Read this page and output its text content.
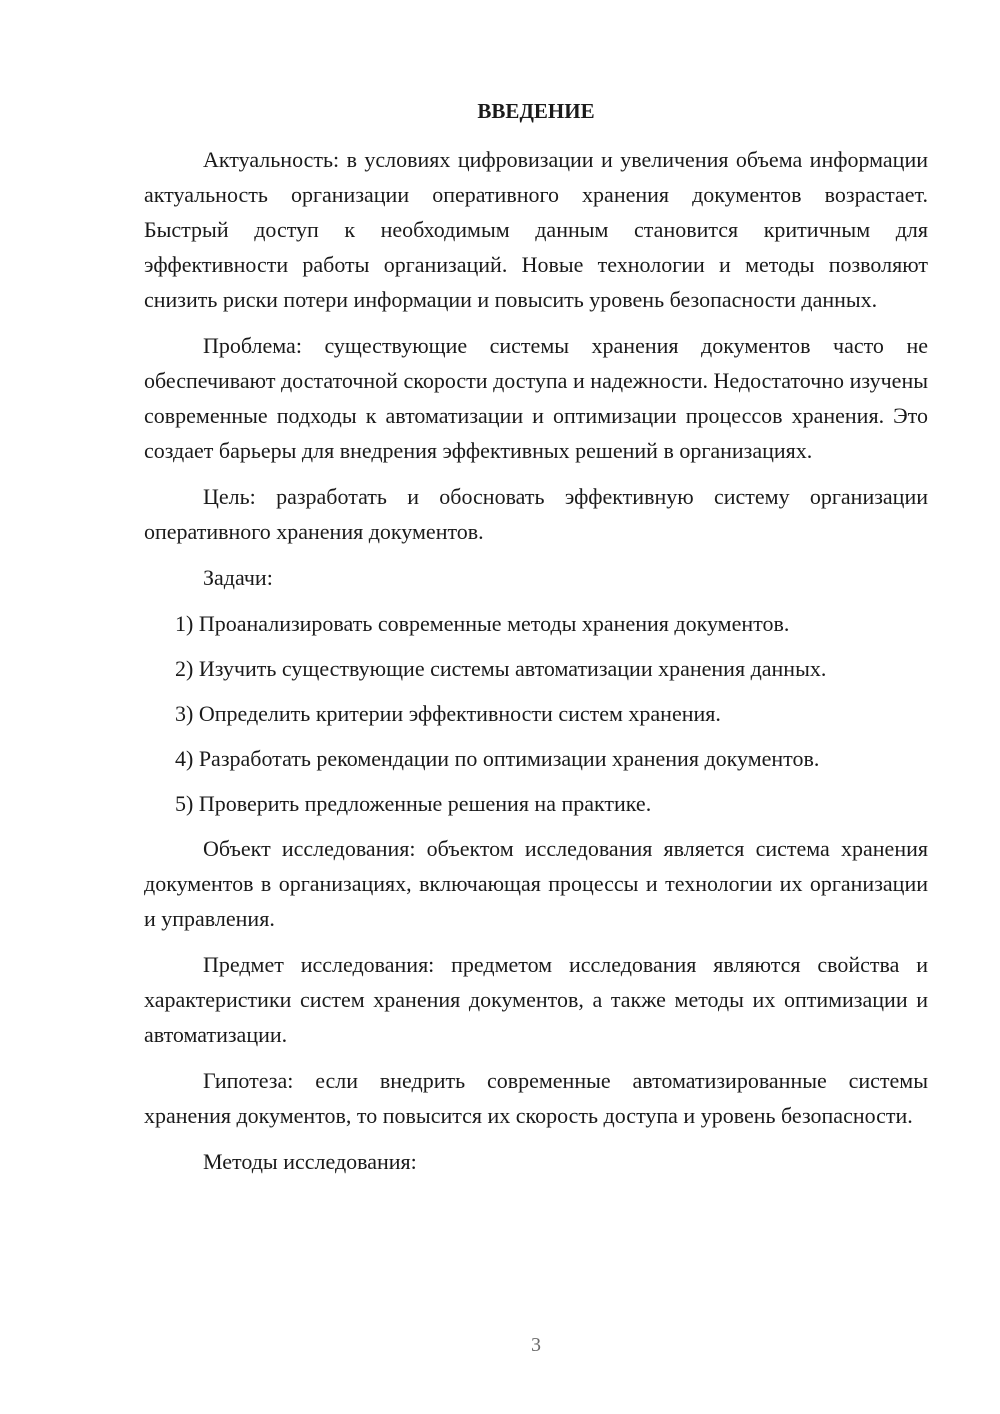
ВВЕДЕНИЕ

Актуальность: в условиях цифровизации и увеличения объема информации актуальность организации оперативного хранения документов возрастает. Быстрый доступ к необходимым данным становится критичным для эффективности работы организаций. Новые технологии и методы позволяют снизить риски потери информации и повысить уровень безопасности данных.

Проблема: существующие системы хранения документов часто не обеспечивают достаточной скорости доступа и надежности. Недостаточно изучены современные подходы к автоматизации и оптимизации процессов хранения. Это создает барьеры для внедрения эффективных решений в организациях.

Цель: разработать и обосновать эффективную систему организации оперативного хранения документов.

Задачи:

1) Проанализировать современные методы хранения документов.
2) Изучить существующие системы автоматизации хранения данных.
3) Определить критерии эффективности систем хранения.
4) Разработать рекомендации по оптимизации хранения документов.
5) Проверить предложенные решения на практике.

Объект исследования: объектом исследования является система хранения документов в организациях, включающая процессы и технологии их организации и управления.

Предмет исследования: предметом исследования являются свойства и характеристики систем хранения документов, а также методы их оптимизации и автоматизации.

Гипотеза: если внедрить современные автоматизированные системы хранения документов, то повысится их скорость доступа и уровень безопасности.

Методы исследования:

3
